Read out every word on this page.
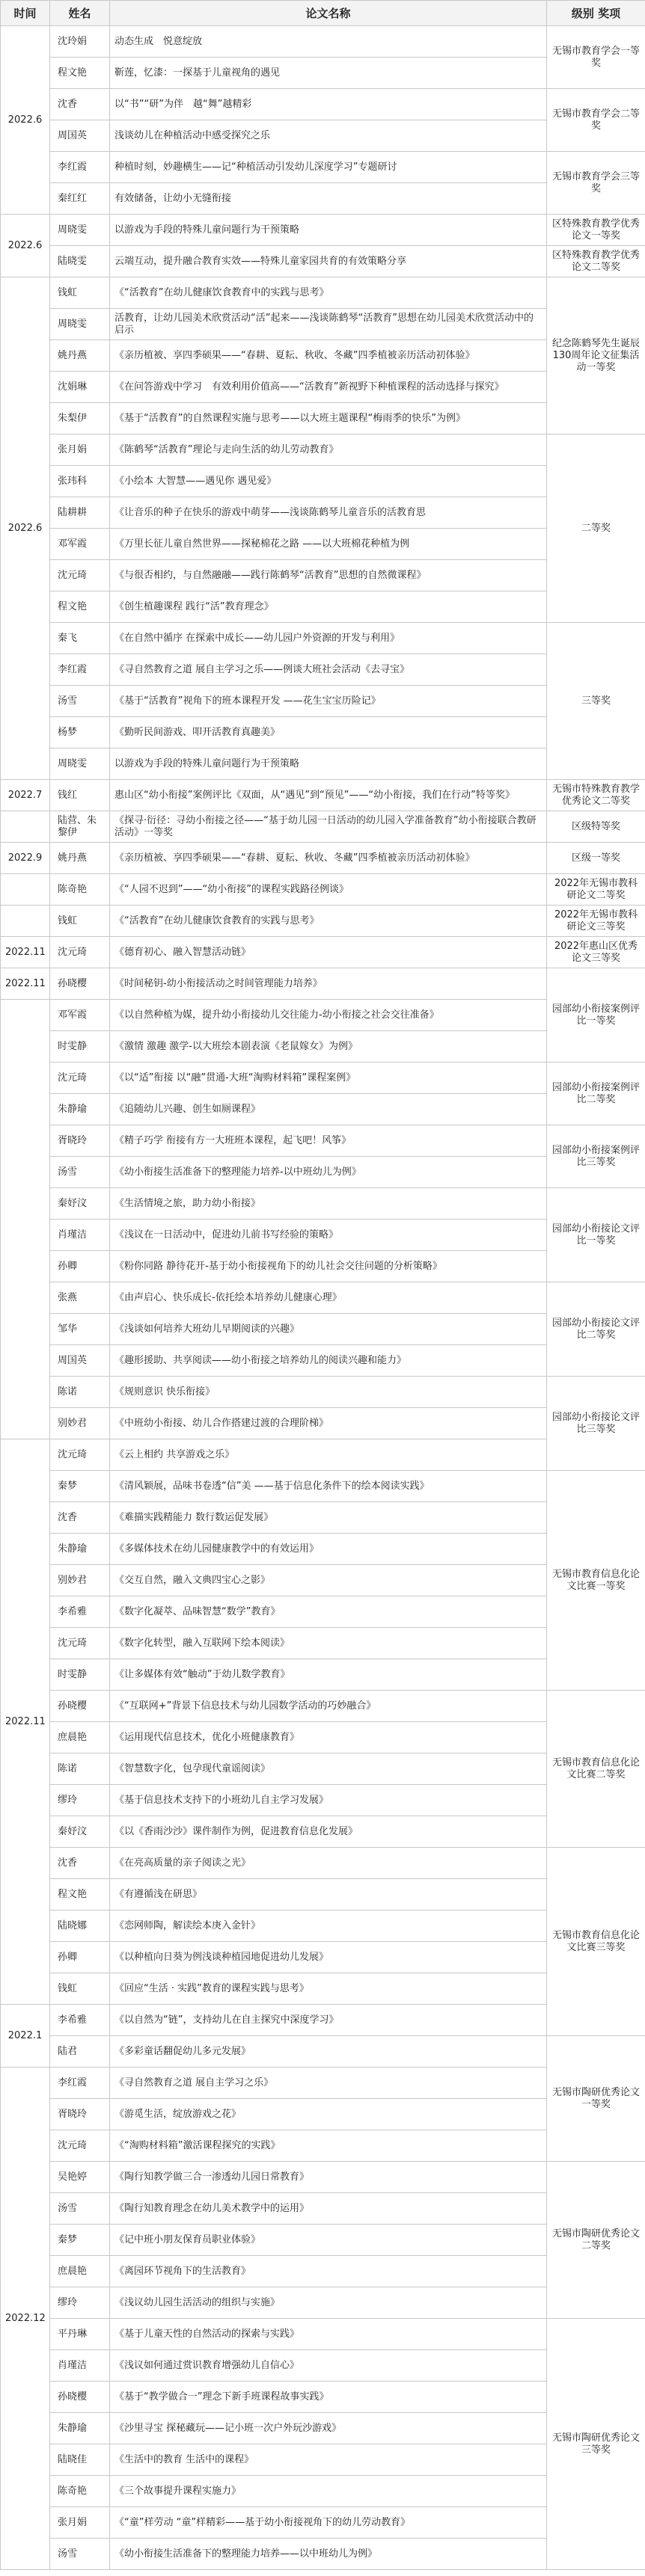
时间	姓名	论文名称	级别 奖项
2022.6	沈玲娟	动态生成　悦意绽放	无锡市教育学会一等奖
	程文艳	靳莲，忆漆：一探基于儿童视角的遇见	
	沈香	以“书”“研”为伴　越“舞”越精彩	无锡市教育学会二等奖
	周国英	浅谈幼儿在种植活动中感受探究之乐	
	李红霞	种植时刻，妙趣横生——记“种植活动引发幼儿深度学习”专题研讨	无锡市教育学会三等奖
	秦红红	有效储备，让幼小无缝衔接	
2022.6	周晓雯	以游戏为手段的特殊儿童问题行为干预策略	区特殊教育教学优秀论文一等奖
	陆晓雯	云端互动，提升融合教育实效——特殊儿童家园共育的有效策略分享	区特殊教育教学优秀论文二等奖
2022.6	钱虹	《“活教育”在幼儿健康饮食教育中的实践与思考》	纪念陈鹤琴先生诞辰130周年论文征集活动一等奖
	周晓雯	活教育，让幼儿园美术欣赏活动“活”起来——浅谈陈鹤琴“活教育”思想在幼儿园美术欣赏活动中的启示	
	姚丹燕	《亲历植被、享四季硕果——“春耕、夏耘、秋收、冬藏”四季植被亲历活动初体验》	
	沈娟琳	《在问答游戏中学习　有效利用价值高——“活教育”新视野下种植课程的活动选择与探究》	
	朱梨伊	《基于“活教育”的自然课程实施与思考——以大班主题课程“梅雨季的快乐”为例》	
	张月娟	《陈鹤琴“活教育”理论与走向生活的幼儿劳动教育》	二等奖
	张玮科	《小绘本 大智慧——遇见你 遇见爱》	
	陆耕耕	《让音乐的种子在快乐的游戏中萌芽——浅谈陈鹤琴儿童音乐的活教育思	
	邓军霞	《万里长征儿童自然世界——探秘棉花之路 ——以大班棉花种植为例	
	沈元琦	《与很否相约，与自然融融——践行陈鹤琴“活教育”思想的自然微课程》	
	程文艳	《创生植趣课程 践行“活”教育理念》	
	秦飞	《在自然中循序 在探索中成长——幼儿园户外资源的开发与利用》	三等奖
	李红霞	《寻自然教育之道 展自主学习之乐——例谈大班社会活动《去寻宝》	
	汤雪	《基于“活教育”视角下的班本课程开发 ——花生宝宝历险记》	
	杨梦	《勤听民间游戏、叩开活教育真趣美》	
	周晓雯	以游戏为手段的特殊儿童问题行为干预策略	
2022.7	钱红	惠山区“幼小衔接”案例评比《双面，从“遇见”到“预见”——“幼小衔接，我们在行动”特等奖》	无锡市特殊教育教学优秀论文二等奖
	陆营、朱黎伊	《探寻·衍径：寻幼小衔接之径——“基于幼儿园一日活动的幼儿园入学准备教育”幼小衔接联合教研活动》一等奖	区级特等奖
2022.9	姚丹燕	《亲历植被、享四季硕果——“春耕、夏耘、秋收、冬藏”四季植被亲历活动初体验》	区级一等奖
	陈奇艳	《“人园不迟到”——“幼小衔接”的课程实践路径例谈》	2022年无锡市教科研论文二等奖
	钱虹	《“活教育”在幼儿健康饮食教育的实践与思考》	2022年无锡市教科研论文三等奖
2022.11	沈元琦	《德育初心、融入智慧活动链》	2022年惠山区优秀论文三等奖
2022.11	孙晓樱	《时间秘钥-幼小衔接活动之时间管理能力培养》	园部幼小衔接案例评比一等奖
	邓军霞	《以自然种植为媒，提升幼小衔接幼儿交往能力-幼小衔接之社会交往准备》	
	时雯静	《激情 激趣 激学-以大班绘本剧表演《老鼠嫁女》为例》	
	沈元琦	《以“适”衔接 以“融”贯通-大班“淘购材料箱”课程案例》	园部幼小衔接案例评比二等奖
	朱静瑜	《追随幼儿兴趣、创生如厕课程》	
	胥晓玲	《精子巧学 衔接有方一大班班本课程，起飞吧！风筝》	园部幼小衔接案例评比三等奖
	汤雪	《幼小衔接生活准备下的整理能力培养-以中班幼儿为例》	
	秦妤汶	《生活情境之旅，助力幼小衔接》	园部幼小衔接论文评比一等奖
	肖瑾洁	《浅议在一日活动中，促进幼儿前书写经验的策略》	
	孙卿	《粉你同路 静待花开-基于幼小衔接视角下的幼儿社会交往问题的分析策略》	
	张燕	《由声启心、快乐成长-依托绘本培养幼儿健康心理》	园部幼小衔接论文评比二等奖
	邹华	《浅谈如何培养大班幼儿早期阅读的兴趣》	
	周国英	《趣形援助、共享阅读——幼小衔接之培养幼儿的阅读兴趣和能力》	
	陈诺	《规则意识 快乐衔接》	园部幼小衔接论文评比三等奖
	别妙君	《中班幼小衔接、幼儿合作搭建过渡的合理阶梯》	
2022.11	沈元琦	《云上相约 共享游戏之乐》	
	秦梦	《清风颖展，品味书卷透“信”美 ——基于信息化条件下的绘本阅读实践》	无锡市教育信息化论文比赛一等奖
	沈香	《难描实践精能力 数行数运促发展》	
	朱静瑜	《多媒体技术在幼儿园健康教学中的有效运用》	
	别妙君	《交互自然，融入文典四宝心之影》	
	李希雅	《数字化凝萃、品味智慧“数学”教育》	
	沈元琦	《数字化转型，融入互联网下绘本阅读》	
	时雯静	《让多媒体有效“触动”于幼儿数学教育》	
	孙晓樱	《“互联网+”背景下信息技术与幼儿园数学活动的巧妙融合》	无锡市教育信息化论文比赛二等奖
	庶晨艳	《运用现代信息技术，优化小班健康教育》	
	陈诺	《智慧数字化，包孕现代童谣阅读》	
	缪玲	《基于信息技术支持下的小班幼儿自主学习发展》	
	秦妤汶	《以《香雨沙沙》课件制作为例，促进教育信息化发展》	
	沈香	《在亮高质量的亲子阅读之光》	无锡市教育信息化论文比赛三等奖
	程文艳	《有遵循浅在研思》	
	陆晓娜	《恋网师陶，解读绘本庚入金针》	
	孙卿	《以种植向日葵为例浅谈种植园地促进幼儿发展》	
	钱虹	《回应“生活 · 实践”教育的课程实践与思考》	
2022.1	李希雅	《以自然为“链”，支持幼儿在自主探究中深度学习》	
	陆君	《多彩童话翻促幼儿多元发展》	无锡市陶研优秀论文一等奖
2022.12	李红霞	《寻自然教育之道 展自主学习之乐》	
	胥晓玲	《游觅生活，绽放游戏之花》	
	沈元琦	《“淘购材料箱”激活课程探究的实践》	
	吴艳婷	《陶行知教学做三合一渗透幼儿园日常教育》	无锡市陶研优秀论文二等奖
	汤雪	《陶行知教育理念在幼儿美术教学中的运用》	
	秦梦	《记中班小朋友保育员职业体验》	
	庶晨艳	《离园环节视角下的生活教育》	
	缪玲	《浅议幼儿园生活活动的组织与实施》	
	平丹琳	《基于儿童天性的自然活动的探索与实践》	无锡市陶研优秀论文三等奖
	肖瑾洁	《浅议如何通过赏识教育增强幼儿自信心》	
	孙晓樱	《基于“教学做合一”理念下新手班课程故事实践》	
	朱静瑜	《沙里寻宝 探秘藏玩——记小班一次户外玩沙游戏》	
	陆晓佳	《生活中的教育 生活中的课程》	
	陈奇艳	《三个故事提升课程实施力》	
	张月娟	《“童”样劳动 “童”样精彩——基于幼小衔接视角下的幼儿劳动教育》	
	汤雪	《幼小衔接生活准备下的整理能力培养——以中班幼儿为例》	
